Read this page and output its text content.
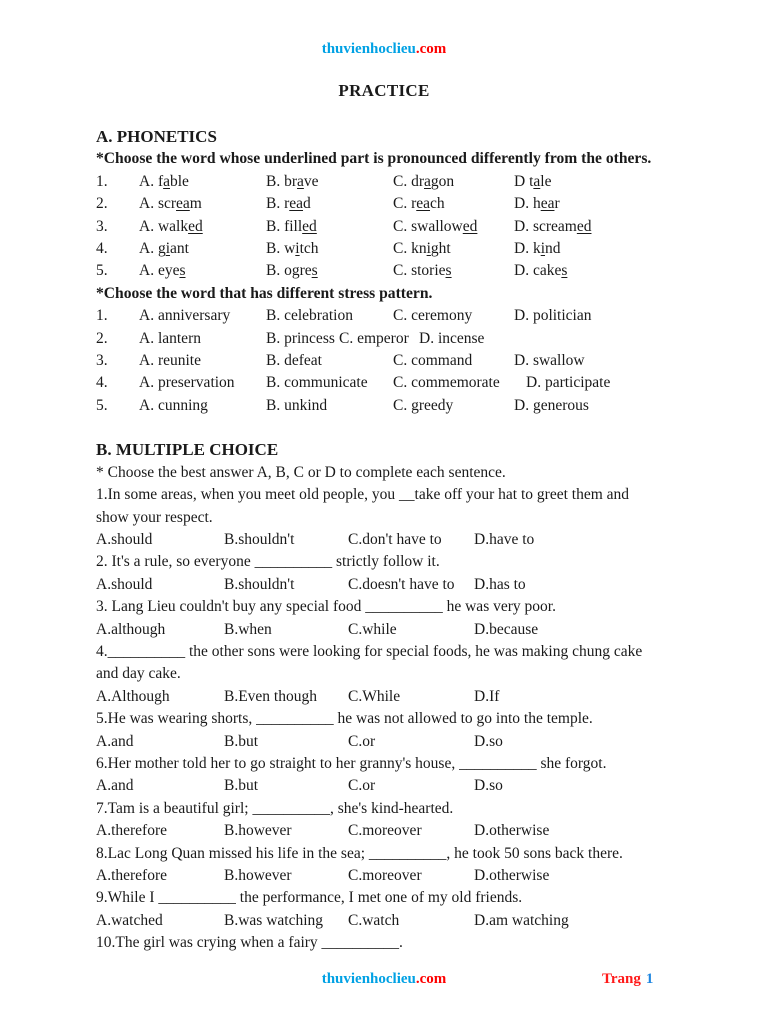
thuvienhoclieu.com
PRACTICE
A. PHONETICS
*Choose the word whose underlined part is pronounced differently from the others.
1. A. fable	B. brave	C. dragon	D tale
2. A. scream	B. read	C. reach	D. hear
3. A. walked	B. filled	C. swallowed D. screamed
4. A. giant	B. witch	C. knight	D. kind
5. A. eyes	B. ogres	C. stories	D. cakes
*Choose the word that has different stress pattern.
1. A. anniversary B. celebration	C. ceremony	D. politician
2. A. lantern	B. princess C. emperor D. incense
3. A. reunite	B. defeat	C. command	D. swallow
4. A. preservation B. communicate C. commemorate D. participate
5. A. cunning	B. unkind	C. greedy	D. generous
B. MULTIPLE CHOICE
* Choose the best answer A, B, C or D to complete each sentence.
1.In some areas, when you meet old people, you __take off your hat to greet them and
show your respect.
A.should	B.shouldn't	C.don't have to D.have to
2. It's a rule, so everyone __________ strictly follow it.
A.should	B.shouldn't	C.doesn't have to D.has to
3. Lang Lieu couldn't buy any special food __________ he was very poor.
A.although	B.when	C.while	D.because
4.__________ the other sons were looking for special foods, he was making chung cake
and day cake.
A.Although	B.Even though C.While	D.If
5.He was wearing shorts, __________ he was not allowed to go into the temple.
A.and	B.but	C.or	D.so
6.Her mother told her to go straight to her granny's house, __________ she forgot.
A.and	B.but	C.or	D.so
7.Tam is a beautiful girl; __________, she's kind-hearted.
A.therefore	B.however	C.moreover	D.otherwise
8.Lac Long Quan missed his life in the sea; __________, he took 50 sons back there.
A.therefore	B.however	C.moreover	D.otherwise
9.While I __________ the performance, I met one of my old friends.
A.watched	B.was watching C.watch	D.am watching
10.The girl was crying when a fairy __________.
thuvienhoclieu.com	Trang 1
